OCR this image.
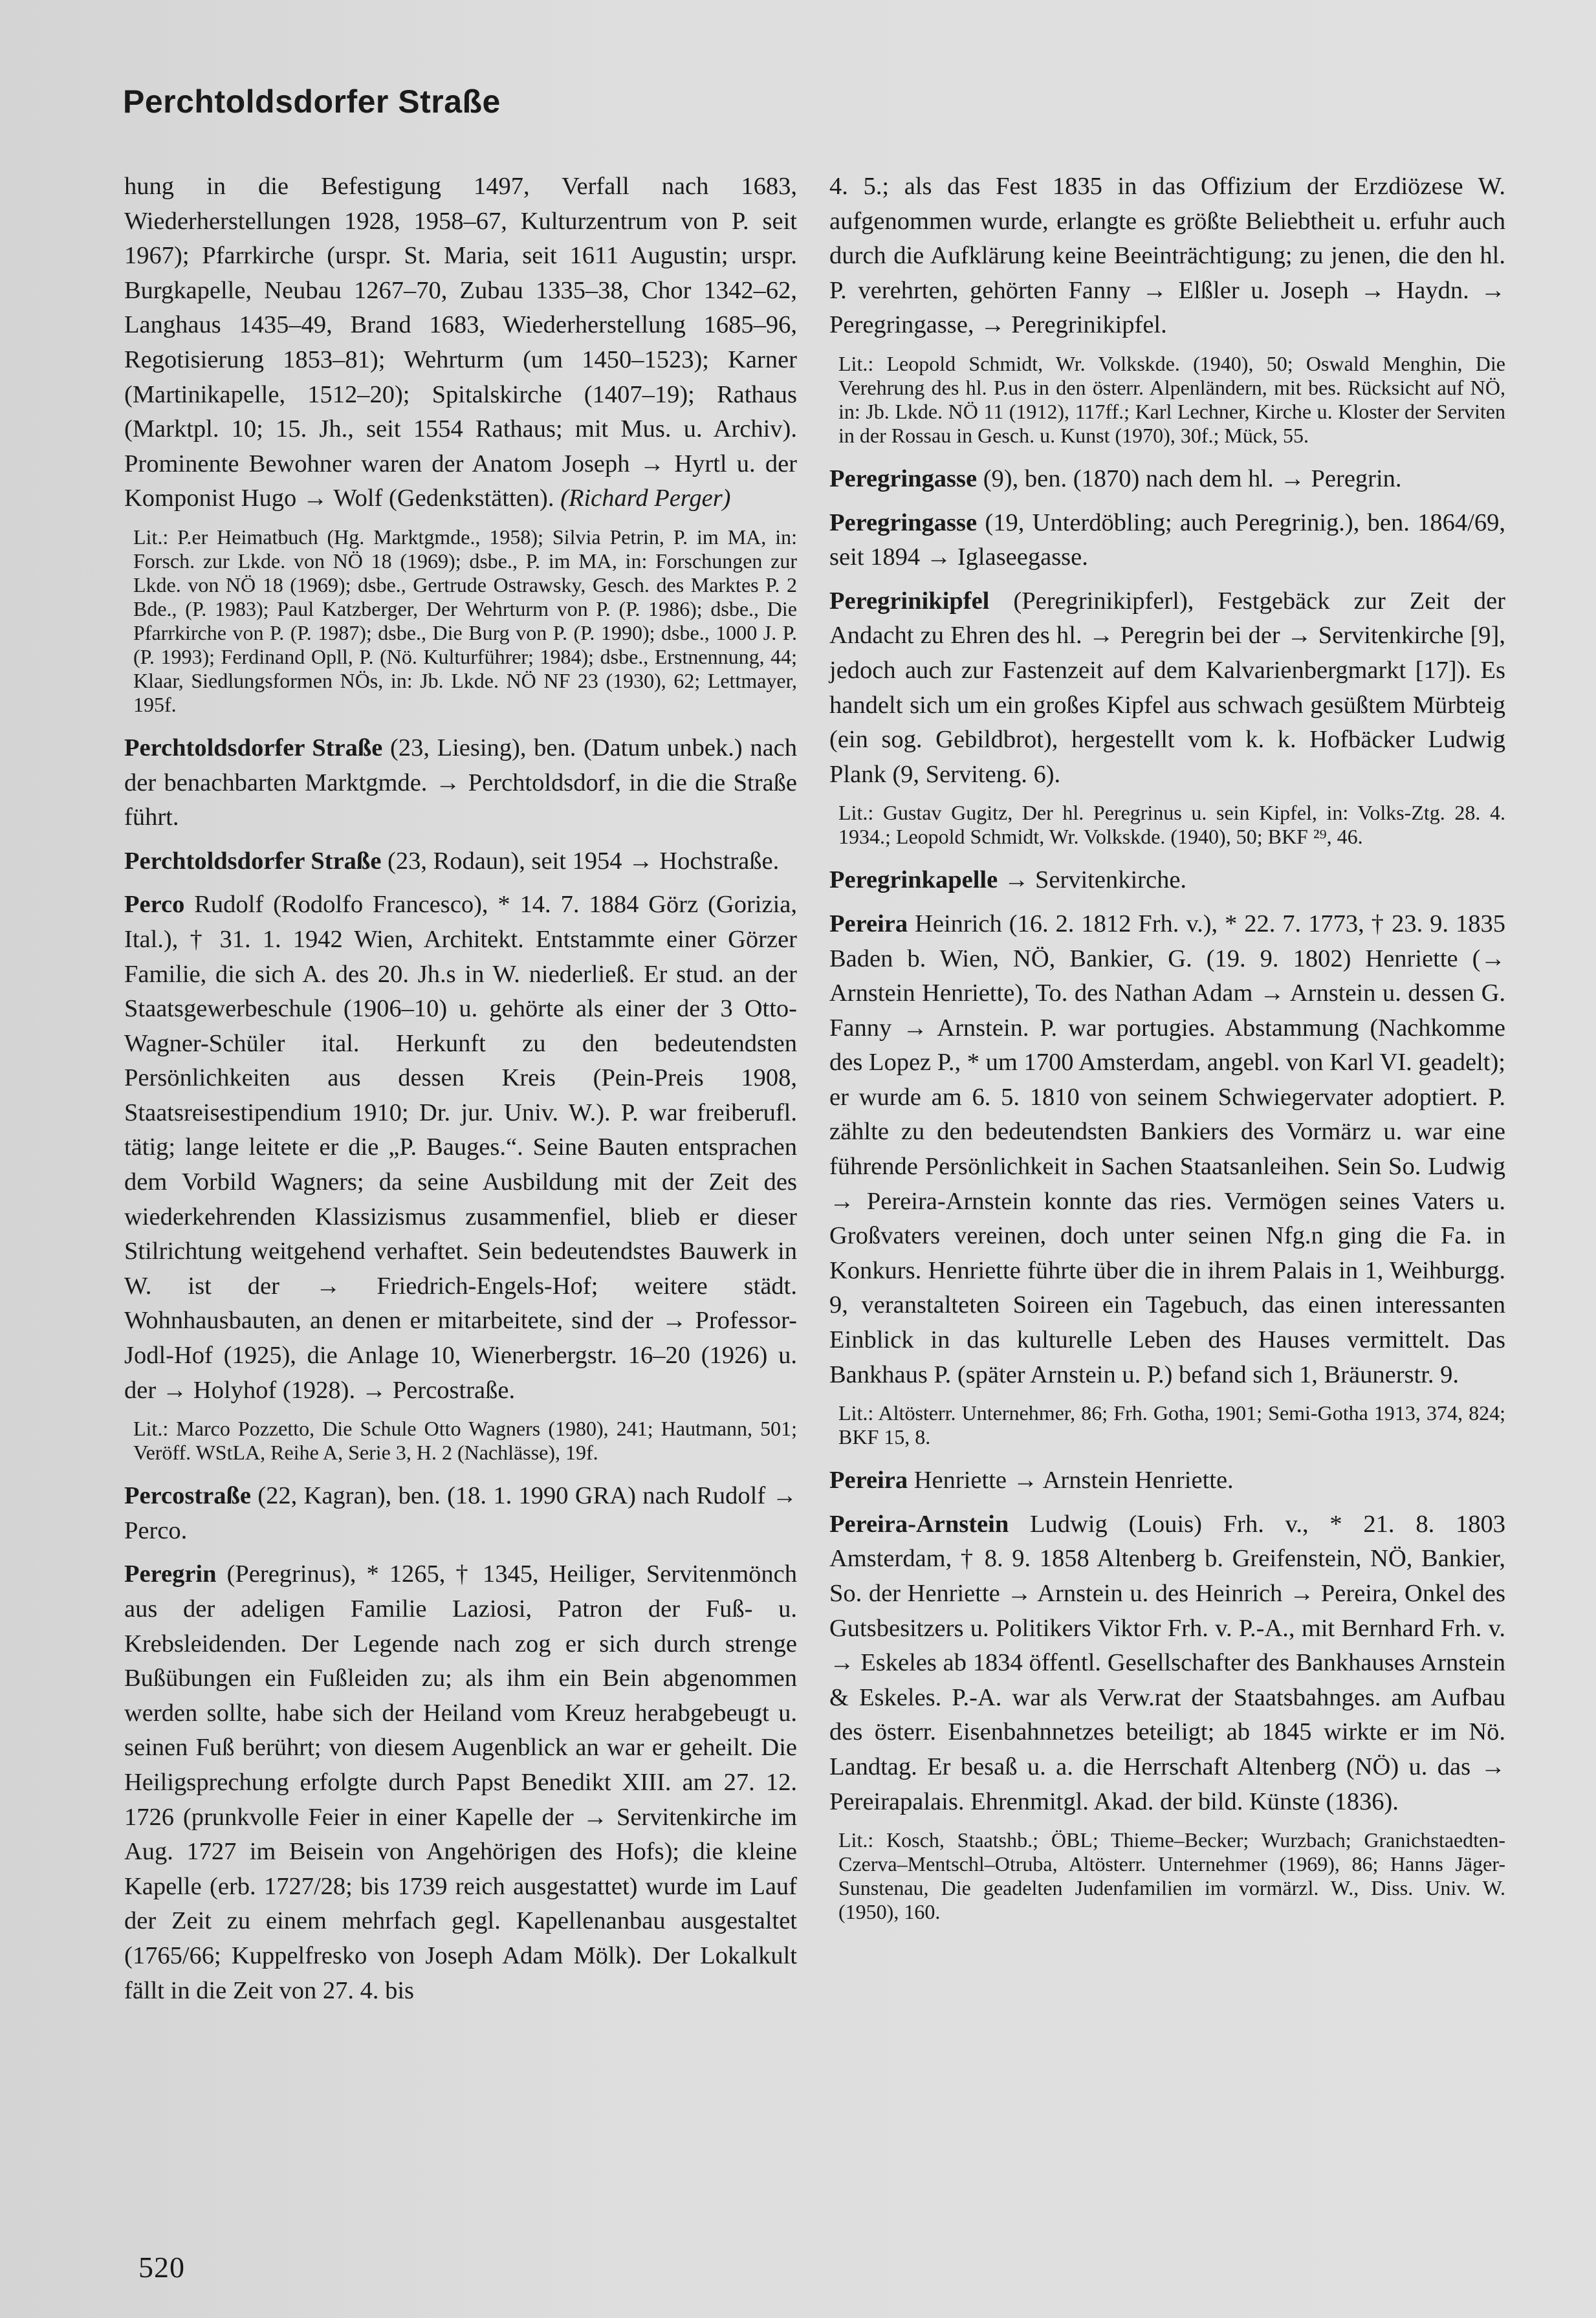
Perchtoldsdorfer Straße

hung in die Befestigung 1497, Verfall nach 1683, Wiederherstellungen 1928, 1958–67, Kulturzentrum von P. seit 1967); Pfarrkirche (urspr. St. Maria, seit 1611 Augustin; urspr. Burgkapelle, Neubau 1267–70, Zubau 1335–38, Chor 1342–62, Langhaus 1435–49, Brand 1683, Wiederherstellung 1685–96, Regotisierung 1853–81); Wehrturm (um 1450–1523); Karner (Martinikapelle, 1512–20); Spitalskirche (1407–19); Rathaus (Marktpl. 10; 15. Jh., seit 1554 Rathaus; mit Mus. u. Archiv). Prominente Bewohner waren der Anatom Joseph → Hyrtl u. der Komponist Hugo → Wolf (Gedenkstätten). (Richard Perger)

Lit.: P.er Heimatbuch (Hg. Marktgmde., 1958); Silvia Petrin, P. im MA, in: Forsch. zur Lkde. von NÖ 18 (1969); dsbe., P. im MA, in: Forschungen zur Lkde. von NÖ 18 (1969); dsbe., Gertrude Ostrawsky, Gesch. des Marktes P. 2 Bde., (P. 1983); Paul Katzberger, Der Wehrturm von P. (P. 1986); dsbe., Die Pfarrkirche von P. (P. 1987); dsbe., Die Burg von P. (P. 1990); dsbe., 1000 J. P. (P. 1993); Ferdinand Opll, P. (Nö. Kulturführer; 1984); dsbe., Erstnennung, 44; Klaar, Siedlungsformen NÖs, in: Jb. Lkde. NÖ NF 23 (1930), 62; Lettmayer, 195f.

Perchtoldsdorfer Straße (23, Liesing), ben. (Datum unbek.) nach der benachbarten Marktgmde. → Perchtoldsdorf, in die die Straße führt.

Perchtoldsdorfer Straße (23, Rodaun), seit 1954 → Hochstraße.

Perco Rudolf (Rodolfo Francesco), * 14. 7. 1884 Görz (Gorizia, Ital.), † 31. 1. 1942 Wien, Architekt. Entstammte einer Görzer Familie, die sich A. des 20. Jh.s in W. niederließ. Er stud. an der Staatsgewerbeschule (1906–10) u. gehörte als einer der 3 Otto-Wagner-Schüler ital. Herkunft zu den bedeutendsten Persönlichkeiten aus dessen Kreis (Pein-Preis 1908, Staatsreisestipendium 1910; Dr. jur. Univ. W.). P. war freiberufl. tätig; lange leitete er die „P. Bauges.“. Seine Bauten entsprachen dem Vorbild Wagners; da seine Ausbildung mit der Zeit des wiederkehrenden Klassizismus zusammenfiel, blieb er dieser Stilrichtung weitgehend verhaftet. Sein bedeutendstes Bauwerk in W. ist der → Friedrich-Engels-Hof; weitere städt. Wohnhausbauten, an denen er mitarbeitete, sind der → Professor-Jodl-Hof (1925), die Anlage 10, Wienerbergstr. 16–20 (1926) u. der → Holyhof (1928). → Percostraße.

Lit.: Marco Pozzetto, Die Schule Otto Wagners (1980), 241; Hautmann, 501; Veröff. WStLA, Reihe A, Serie 3, H. 2 (Nachlässe), 19f.

Percostraße (22, Kagran), ben. (18. 1. 1990 GRA) nach Rudolf → Perco.

Peregrin (Peregrinus), * 1265, † 1345, Heiliger, Servitenmönch aus der adeligen Familie Laziosi, Patron der Fuß- u. Krebsleidenden. Der Legende nach zog er sich durch strenge Bußübungen ein Fußleiden zu; als ihm ein Bein abgenommen werden sollte, habe sich der Heiland vom Kreuz herabgebeugt u. seinen Fuß berührt; von diesem Augenblick an war er geheilt. Die Heiligsprechung erfolgte durch Papst Benedikt XIII. am 27. 12. 1726 (prunkvolle Feier in einer Kapelle der → Servitenkirche im Aug. 1727 im Beisein von Angehörigen des Hofs); die kleine Kapelle (erb. 1727/28; bis 1739 reich ausgestattet) wurde im Lauf der Zeit zu einem mehrfach gegl. Kapellenanbau ausgestaltet (1765/66; Kuppelfresko von Joseph Adam Mölk). Der Lokalkult fällt in die Zeit von 27. 4. bis

4. 5.; als das Fest 1835 in das Offizium der Erzdiözese W. aufgenommen wurde, erlangte es größte Beliebtheit u. erfuhr auch durch die Aufklärung keine Beeinträchtigung; zu jenen, die den hl. P. verehrten, gehörten Fanny → Elßler u. Joseph → Haydn. → Peregringasse, → Peregrinikipfel.

Lit.: Leopold Schmidt, Wr. Volkskde. (1940), 50; Oswald Menghin, Die Verehrung des hl. P.us in den österr. Alpenländern, mit bes. Rücksicht auf NÖ, in: Jb. Lkde. NÖ 11 (1912), 117ff.; Karl Lechner, Kirche u. Kloster der Serviten in der Rossau in Gesch. u. Kunst (1970), 30f.; Mück, 55.

Peregringasse (9), ben. (1870) nach dem hl. → Peregrin.

Peregringasse (19, Unterdöbling; auch Peregrinig.), ben. 1864/69, seit 1894 → Iglaseegasse.

Peregrinikipfel (Peregrinikipferl), Festgebäck zur Zeit der Andacht zu Ehren des hl. → Peregrin bei der → Servitenkirche [9], jedoch auch zur Fastenzeit auf dem Kalvarienbergmarkt [17]). Es handelt sich um ein großes Kipfel aus schwach gesüßtem Mürbteig (ein sog. Gebildbrot), hergestellt vom k. k. Hofbäcker Ludwig Plank (9, Serviteng. 6).

Lit.: Gustav Gugitz, Der hl. Peregrinus u. sein Kipfel, in: Volks-Ztg. 28. 4. 1934.; Leopold Schmidt, Wr. Volkskde. (1940), 50; BKF ²⁹, 46.

Peregrinkapelle → Servitenkirche.

Pereira Heinrich (16. 2. 1812 Frh. v.), * 22. 7. 1773, † 23. 9. 1835 Baden b. Wien, NÖ, Bankier, G. (19. 9. 1802) Henriette (→ Arnstein Henriette), To. des Nathan Adam → Arnstein u. dessen G. Fanny → Arnstein. P. war portugies. Abstammung (Nachkomme des Lopez P., * um 1700 Amsterdam, angebl. von Karl VI. geadelt); er wurde am 6. 5. 1810 von seinem Schwiegervater adoptiert. P. zählte zu den bedeutendsten Bankiers des Vormärz u. war eine führende Persönlichkeit in Sachen Staatsanleihen. Sein So. Ludwig → Pereira-Arnstein konnte das ries. Vermögen seines Vaters u. Großvaters vereinen, doch unter seinen Nfg.n ging die Fa. in Konkurs. Henriette führte über die in ihrem Palais in 1, Weihburgg. 9, veranstalteten Soireen ein Tagebuch, das einen interessanten Einblick in das kulturelle Leben des Hauses vermittelt. Das Bankhaus P. (später Arnstein u. P.) befand sich 1, Bräunerstr. 9.

Lit.: Altösterr. Unternehmer, 86; Frh. Gotha, 1901; Semi-Gotha 1913, 374, 824; BKF 15, 8.

Pereira Henriette → Arnstein Henriette.

Pereira-Arnstein Ludwig (Louis) Frh. v., * 21. 8. 1803 Amsterdam, † 8. 9. 1858 Altenberg b. Greifenstein, NÖ, Bankier, So. der Henriette → Arnstein u. des Heinrich → Pereira, Onkel des Gutsbesitzers u. Politikers Viktor Frh. v. P.-A., mit Bernhard Frh. v. → Eskeles ab 1834 öffentl. Gesellschafter des Bankhauses Arnstein & Eskeles. P.-A. war als Verw.rat der Staatsbahnges. am Aufbau des österr. Eisenbahnnetzes beteiligt; ab 1845 wirkte er im Nö. Landtag. Er besaß u. a. die Herrschaft Altenberg (NÖ) u. das → Pereirapalais. Ehrenmitgl. Akad. der bild. Künste (1836).

Lit.: Kosch, Staatshb.; ÖBL; Thieme–Becker; Wurzbach; Granichstaedten-Czerva–Mentschl–Otruba, Altösterr. Unternehmer (1969), 86; Hanns Jäger-Sunstenau, Die geadelten Judenfamilien im vormärzl. W., Diss. Univ. W. (1950), 160.

520
